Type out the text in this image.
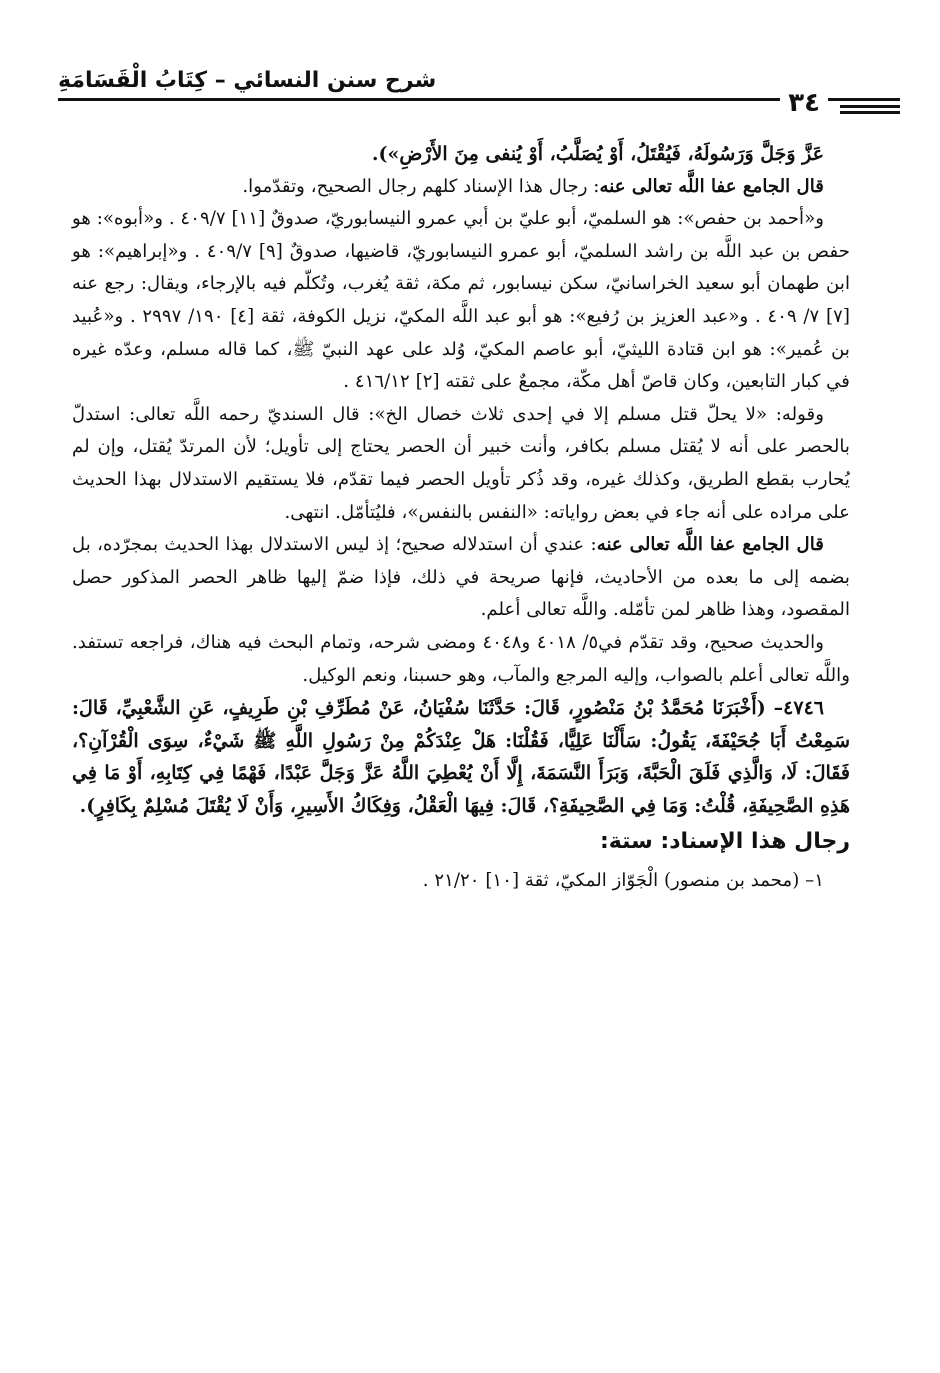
شرح سنن النسائي – كِتَابُ الْقَسَامَةِ
٣٤

عَزَّ وَجَلَّ وَرَسُولَهُ، فَيُقْتَلُ، أَوْ يُصَلَّبُ، أَوْ يُنفى مِنَ الأَرْضِ»).

قال الجامع عفا اللَّه تعالى عنه: رجال هذا الإسناد كلهم رجال الصحيح، وتقدّموا.

و«أحمد بن حفص»: هو السلميّ، أبو عليّ بن أبي عمرو النيسابوريّ، صدوقٌ [١١] ٤٠٩/٧ . و«أبوه»: هو حفص بن عبد اللَّه بن راشد السلميّ، أبو عمرو النيسابوريّ، قاضيها، صدوقٌ [٩] ٤٠٩/٧ . و«إبراهيم»: هو ابن طهمان أبو سعيد الخراسانيّ، سكن نيسابور، ثم مكة، ثقة يُغرب، وتُكلّم فيه بالإرجاء، ويقال: رجع عنه [٧] ٧/ ٤٠٩ . و«عبد العزيز بن رُفيع»: هو أبو عبد اللَّه المكيّ، نزيل الكوفة، ثقة [٤] ١٩٠/ ٢٩٩٧ . و«عُبيد بن عُمير»: هو ابن قتادة الليثيّ، أبو عاصم المكيّ، وُلد على عهد النبيّ ﷺ، كما قاله مسلم، وعدّه غيره في كبار التابعين، وكان قاصّ أهل مكّة، مجمعٌ على ثقته [٢] ٤١٦/١٢ .

وقوله: «لا يحلّ قتل مسلم إلا في إحدى ثلاث خصال الخ»: قال السنديّ رحمه اللَّه تعالى: استدلّ بالحصر على أنه لا يُقتل مسلم بكافر، وأنت خبير أن الحصر يحتاج إلى تأويل؛ لأن المرتدّ يُقتل، وإن لم يُحارب بقطع الطريق، وكذلك غيره، وقد ذُكر تأويل الحصر فيما تقدّم، فلا يستقيم الاستدلال بهذا الحديث على مراده على أنه جاء في بعض رواياته: «النفس بالنفس»، فليُتأمّل. انتهى.

قال الجامع عفا اللَّه تعالى عنه: عندي أن استدلاله صحيح؛ إذ ليس الاستدلال بهذا الحديث بمجرّده، بل بضمه إلى ما بعده من الأحاديث، فإنها صريحة في ذلك، فإذا ضمّ إليها ظاهر الحصر المذكور حصل المقصود، وهذا ظاهر لمن تأمّله. واللَّه تعالى أعلم.

والحديث صحيح، وقد تقدّم في٥/ ٤٠١٨ و٤٠٤٨ ومضى شرحه، وتمام البحث فيه هناك، فراجعه تستفد. واللَّه تعالى أعلم بالصواب، وإليه المرجع والمآب، وهو حسبنا، ونعم الوكيل.

٤٧٤٦– (أَخْبَرَنَا مُحَمَّدُ بْنُ مَنْصُورٍ، قَالَ: حَدَّثَنَا سُفْيَانُ، عَنْ مُطَرِّفِ بْنِ طَرِيفٍ، عَنِ الشَّعْبِيِّ، قَالَ: سَمِعْتُ أَبَا جُحَيْفَةَ، يَقُولُ: سَأَلْنَا عَلِيًّا، فَقُلْنَا: هَلْ عِنْدَكُمْ مِنْ رَسُولِ اللَّهِ ﷺ شَيْءٌ، سِوَى الْقُرْآنِ؟، فَقَالَ: لَا، وَالَّذِي فَلَقَ الْحَبَّةَ، وَبَرَأَ النَّسَمَةَ، إِلَّا أَنْ يُعْطِيَ اللَّهُ عَزَّ وَجَلَّ عَبْدًا، فَهْمًا فِي كِتَابِهِ، أَوْ مَا فِي هَذِهِ الصَّحِيفَةِ، قُلْتُ: وَمَا فِي الصَّحِيفَةِ؟، قَالَ: فِيهَا الْعَقْلُ، وَفِكَاكُ الأَسِيرِ، وَأَنْ لَا يُقْتَلَ مُسْلِمٌ بِكَافِرٍ).

رجال هذا الإسناد: ستة:

١– (محمد بن منصور) الْجَوّاز المكيّ، ثقة [١٠] ٢١/٢٠ .
